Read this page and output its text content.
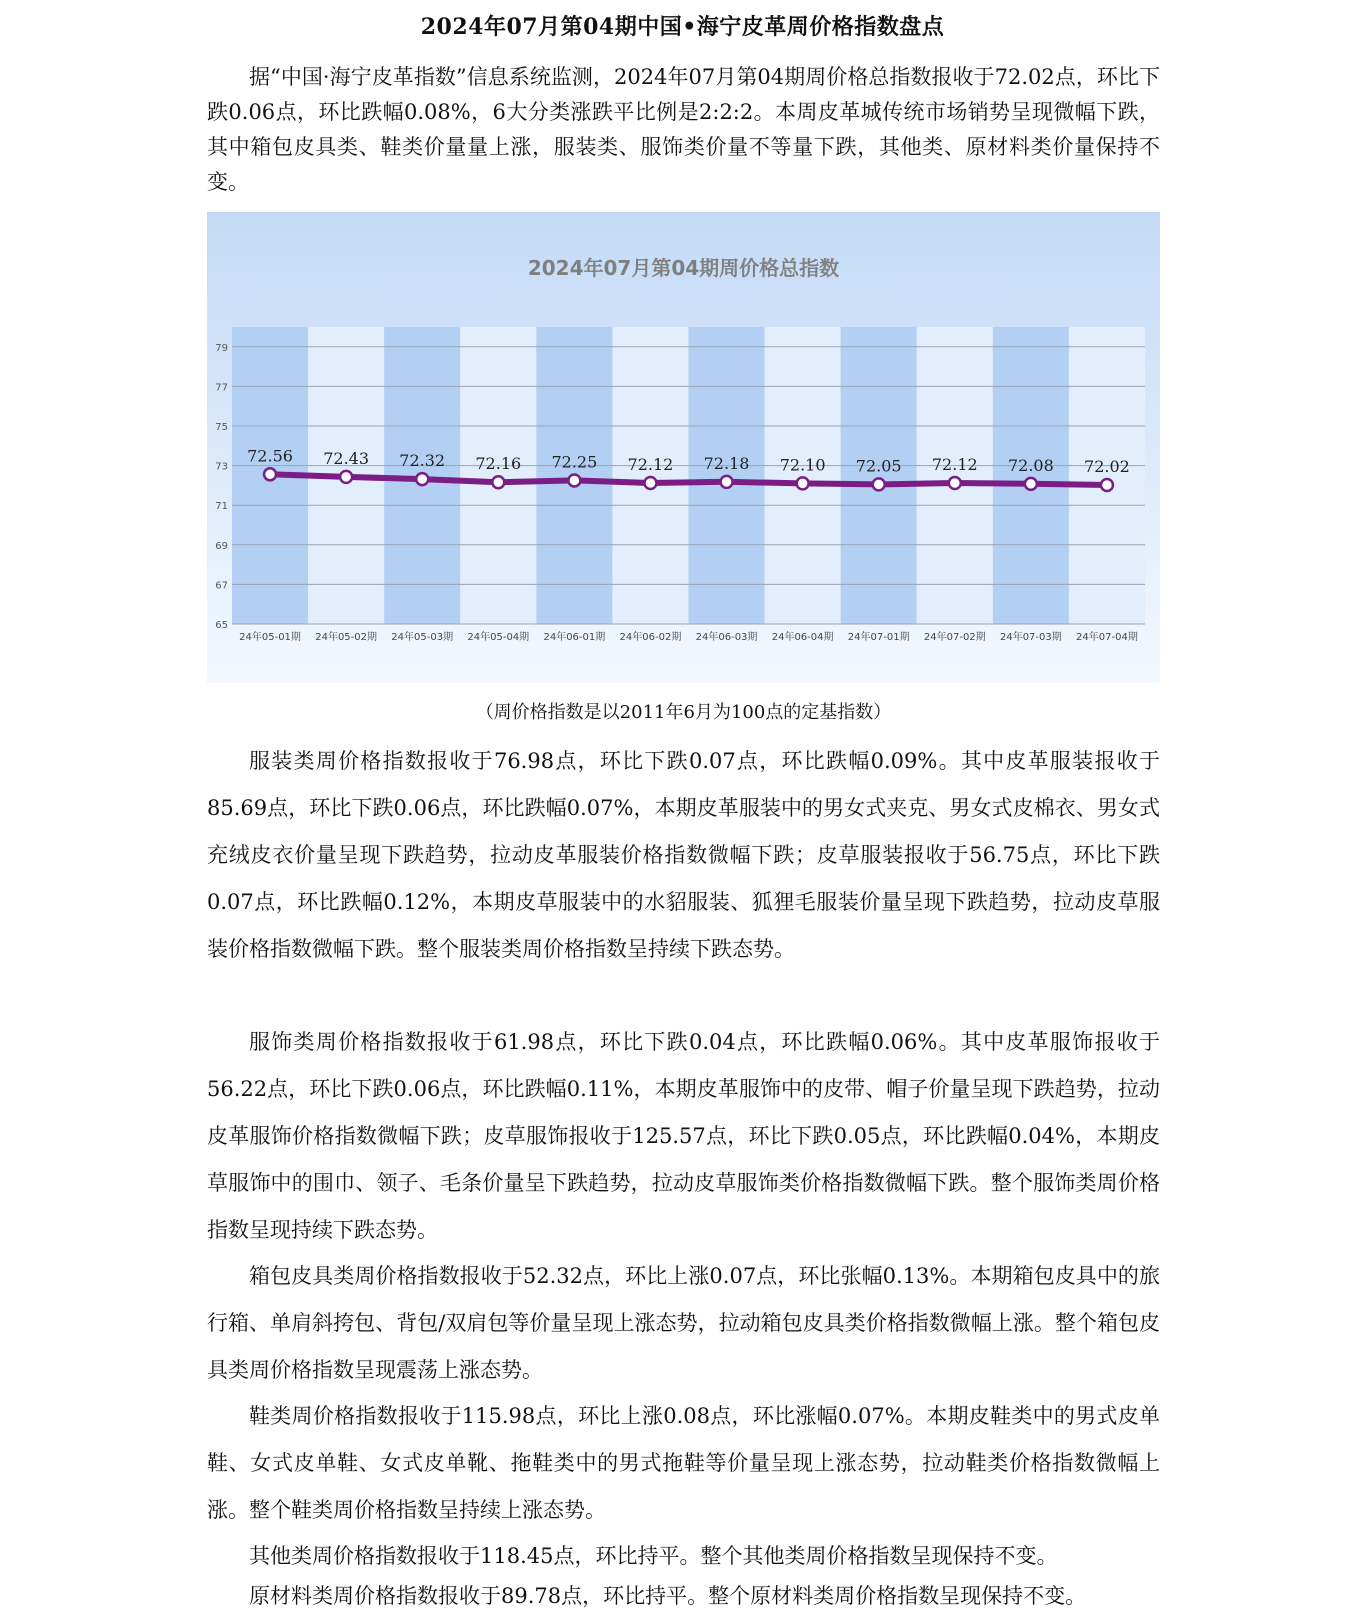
2024年07月第04期中国•海宁皮革周价格指数盘点

据“中国·海宁皮革指数”信息系统监测，2024年07月第04期周价格总指数报收于72.02点，环比下跌0.06点，环比跌幅0.08%，6大分类涨跌平比例是2:2:2。本周皮革城传统市场销势呈现微幅下跌，其中箱包皮具类、鞋类价量量上涨，服装类、服饰类价量不等量下跌，其他类、原材料类价量保持不变。

2024年07月第04期周价格总指数
65
67
69
71
73
75
77
79
72.56 72.43 72.32 72.16 72.25 72.12 72.18 72.10 72.05 72.12 72.08 72.02
24年05-01期 24年05-02期 24年05-03期 24年05-04期 24年06-01期 24年06-02期 24年06-03期 24年06-04期 24年07-01期 24年07-02期 24年07-03期 24年07-04期
（周价格指数是以2011年6月为100点的定基指数）

服装类周价格指数报收于76.98点，环比下跌0.07点，环比跌幅0.09%。其中皮革服装报收于85.69点，环比下跌0.06点，环比跌幅0.07%，本期皮革服装中的男女式夹克、男女式皮棉衣、男女式充绒皮衣价量呈现下跌趋势，拉动皮革服装价格指数微幅下跌；皮草服装报收于56.75点，环比下跌0.07点，环比跌幅0.12%，本期皮草服装中的水貂服装、狐狸毛服装价量呈现下跌趋势，拉动皮草服装价格指数微幅下跌。整个服装类周价格指数呈持续下跌态势。

服饰类周价格指数报收于61.98点，环比下跌0.04点，环比跌幅0.06%。其中皮革服饰报收于56.22点，环比下跌0.06点，环比跌幅0.11%，本期皮革服饰中的皮带、帽子价量呈现下跌趋势，拉动皮革服饰价格指数微幅下跌；皮草服饰报收于125.57点，环比下跌0.05点，环比跌幅0.04%，本期皮草服饰中的围巾、领子、毛条价量呈下跌趋势，拉动皮草服饰类价格指数微幅下跌。整个服饰类周价格指数呈现持续下跌态势。

箱包皮具类周价格指数报收于52.32点，环比上涨0.07点，环比张幅0.13%。本期箱包皮具中的旅行箱、单肩斜挎包、背包/双肩包等价量呈现上涨态势，拉动箱包皮具类价格指数微幅上涨。整个箱包皮具类周价格指数呈现震荡上涨态势。

鞋类周价格指数报收于115.98点，环比上涨0.08点，环比涨幅0.07%。本期皮鞋类中的男式皮单鞋、女式皮单鞋、女式皮单靴、拖鞋类中的男式拖鞋等价量呈现上涨态势，拉动鞋类价格指数微幅上涨。整个鞋类周价格指数呈持续上涨态势。

其他类周价格指数报收于118.45点，环比持平。整个其他类周价格指数呈现保持不变。

原材料类周价格指数报收于89.78点，环比持平。整个原材料类周价格指数呈现保持不变。
